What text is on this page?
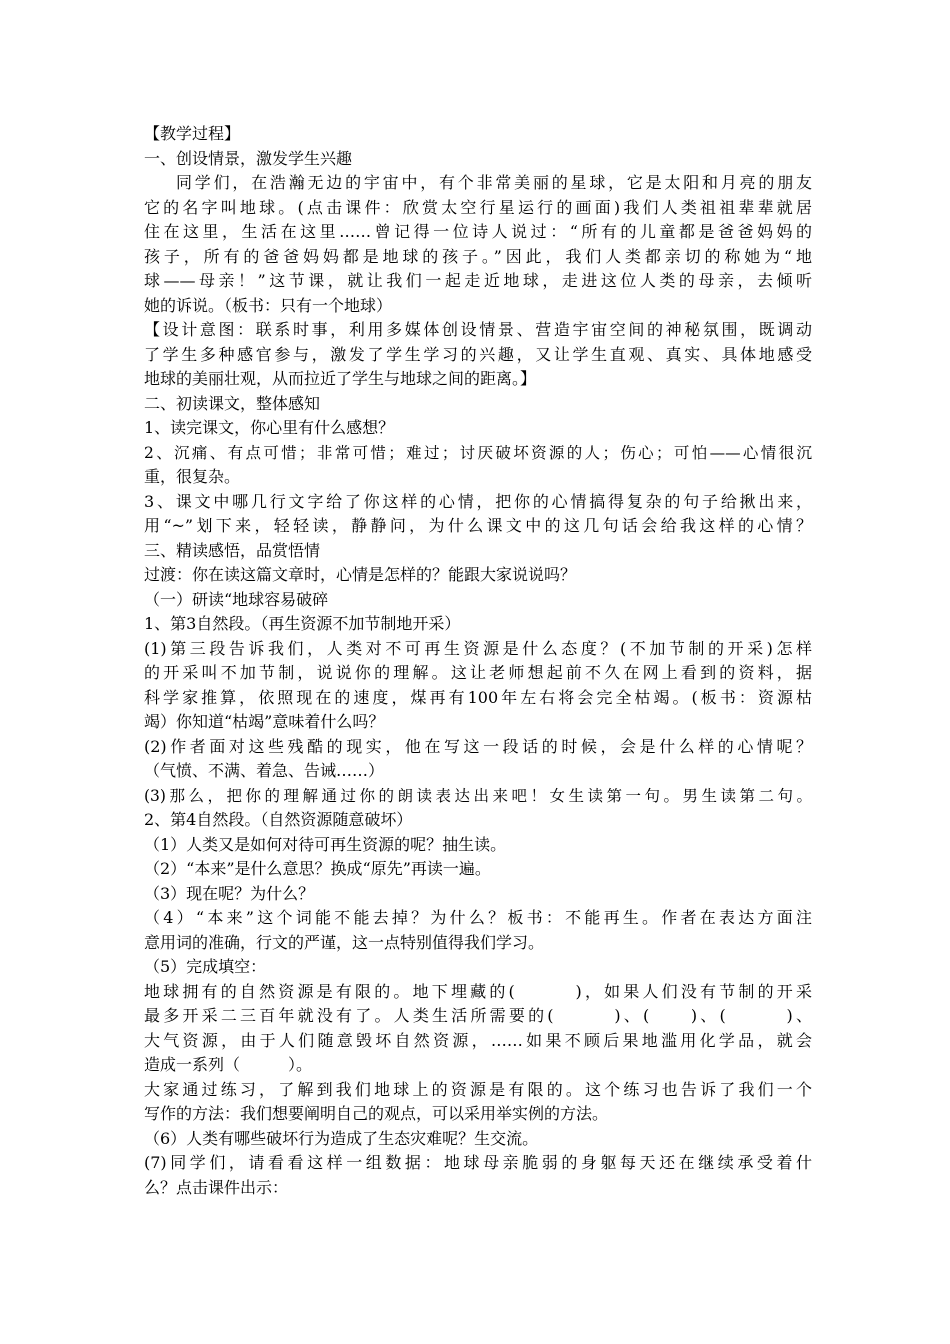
【教学过程】
一、创设情景，激发学生兴趣
同学们，在浩瀚无边的宇宙中，有个非常美丽的星球，它是太阳和月亮的朋友
它的名字叫地球。(点击课件：欣赏太空行星运行的画面)我们人类祖祖辈辈就居
住在这里，生活在这里……曾记得一位诗人说过：“所有的儿童都是爸爸妈妈的
孩子，所有的爸爸妈妈都是地球的孩子。”因此，我们人类都亲切的称她为“地
球——母亲！”这节课，就让我们一起走近地球，走进这位人类的母亲，去倾听
她的诉说。（板书：只有一个地球）
【设计意图：联系时事，利用多媒体创设情景、营造宇宙空间的神秘氛围，既调动
了学生多种感官参与，激发了学生学习的兴趣，又让学生直观、真实、具体地感受
地球的美丽壮观，从而拉近了学生与地球之间的距离。】
二、初读课文，整体感知
1、读完课文，你心里有什么感想？
2、沉痛、有点可惜；非常可惜；难过；讨厌破坏资源的人；伤心；可怕——心情很沉
重，很复杂。
3、课文中哪几行文字给了你这样的心情，把你的心情搞得复杂的句子给揪出来，
用“~”划下来，轻轻读，静静问，为什么课文中的这几句话会给我这样的心情？
三、精读感悟，品赏悟情
过渡：你在读这篇文章时，心情是怎样的？能跟大家说说吗？
（一）研读“地球容易破碎
1、第3自然段。（再生资源不加节制地开采）
(1)第三段告诉我们，人类对不可再生资源是什么态度？(不加节制的开采)怎样
的开采叫不加节制，说说你的理解。这让老师想起前不久在网上看到的资料，据
科学家推算，依照现在的速度，煤再有100年左右将会完全枯竭。(板书：资源枯
竭）你知道“枯竭”意味着什么吗？
(2)作者面对这些残酷的现实，他在写这一段话的时候，会是什么样的心情呢？
（气愤、不满、着急、告诫……）
(3)那么，把你的理解通过你的朗读表达出来吧！女生读第一句。男生读第二句。
2、第4自然段。（自然资源随意破坏）
（1）人类又是如何对待可再生资源的呢？抽生读。
（2）“本来”是什么意思？换成“原先”再读一遍。
（3）现在呢？为什么？
（4）“本来”这个词能不能去掉？为什么？板书：不能再生。作者在表达方面注
意用词的准确，行文的严谨，这一点特别值得我们学习。
（5）完成填空：
地球拥有的自然资源是有限的。地下埋藏的(　　　)，如果人们没有节制的开采
最多开采二三百年就没有了。人类生活所需要的(　　　)、(　　)、(　　　)、
大气资源，由于人们随意毁坏自然资源，……如果不顾后果地滥用化学品，就会
造成一系列（　　　）。
大家通过练习，了解到我们地球上的资源是有限的。这个练习也告诉了我们一个
写作的方法：我们想要阐明自己的观点，可以采用举实例的方法。
（6）人类有哪些破坏行为造成了生态灾难呢？生交流。
(7)同学们，请看看这样一组数据：地球母亲脆弱的身躯每天还在继续承受着什
么？点击课件出示：
